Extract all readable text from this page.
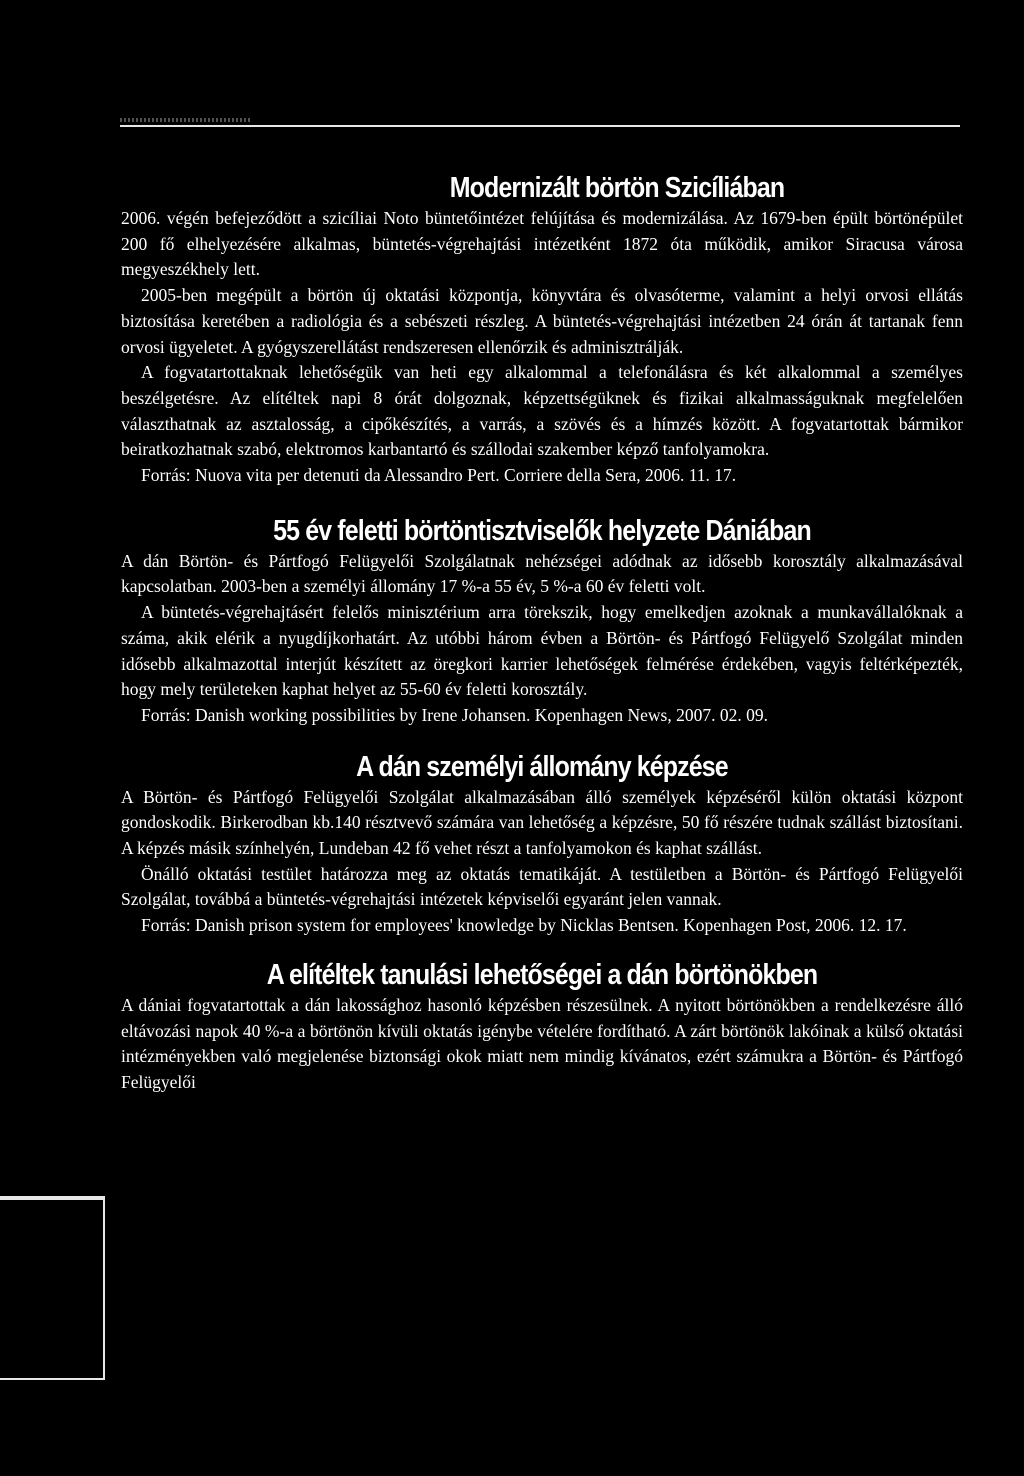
Modernizált börtön Szicíliában

2006. végén befejeződött a szicíliai Noto büntetőintézet felújítása és modernizálása. Az 1679-ben épült börtönépület 200 fő elhelyezésére alkalmas, büntetés-végrehajtási intézetként 1872 óta működik, amikor Siracusa városa megyeszékhely lett.

2005-ben megépült a börtön új oktatási központja, könyvtára és olvasóterme, valamint a helyi orvosi ellátás biztosítása keretében a radiológia és a sebészeti részleg. A büntetés-végrehajtási intézetben 24 órán át tartanak fenn orvosi ügyeletet. A gyógyszerellátást rendszeresen ellenőrzik és adminisztrálják.

A fogvatartottaknak lehetőségük van heti egy alkalommal a telefonálásra és két alkalommal a személyes beszélgetésre. Az elítéltek napi 8 órát dolgoznak, képzettségüknek és fizikai alkalmasságuknak megfelelően választhatnak az asztalosság, a cipőkészítés, a varrás, a szövés és a hímzés között. A fogvatartottak bármikor beiratkozhatnak szabó, elektromos karbantartó és szállodai szakember képző tanfolyamokra.

Forrás: Nuova vita per detenuti da Alessandro Pert. Corriere della Sera, 2006. 11. 17.

55 év feletti börtöntisztviselők helyzete Dániában

A dán Börtön- és Pártfogó Felügyelői Szolgálatnak nehézségei adódnak az idősebb korosztály alkalmazásával kapcsolatban. 2003-ben a személyi állomány 17 %-a 55 év, 5 %-a 60 év feletti volt.

A büntetés-végrehajtásért felelős minisztérium arra törekszik, hogy emelkedjen azoknak a munkavállalóknak a száma, akik elérik a nyugdíjkorhatárt. Az utóbbi három évben a Börtön- és Pártfogó Felügyelő Szolgálat minden idősebb alkalmazottal interjút készített az öregkori karrier lehetőségek felmérése érdekében, vagyis feltérképezték, hogy mely területeken kaphat helyet az 55-60 év feletti korosztály.

Forrás: Danish working possibilities by Irene Johansen. Kopenhagen News, 2007. 02. 09.

A dán személyi állomány képzése

A Börtön- és Pártfogó Felügyelői Szolgálat alkalmazásában álló személyek képzéséről külön oktatási központ gondoskodik. Birkerodban kb.140 résztvevő számára van lehetőség a képzésre, 50 fő részére tudnak szállást biztosítani. A képzés másik színhelyén, Lundeban 42 fő vehet részt a tanfolyamokon és kaphat szállást.

Önálló oktatási testület határozza meg az oktatás tematikáját. A testületben a Börtön- és Pártfogó Felügyelői Szolgálat, továbbá a büntetés-végrehajtási intézetek képviselői egyaránt jelen vannak.

Forrás: Danish prison system for employees' knowledge by Nicklas Bentsen. Kopenhagen Post, 2006. 12. 17.

A elítéltek tanulási lehetőségei a dán börtönökben

A dániai fogvatartottak a dán lakossághoz hasonló képzésben részesülnek. A nyitott börtönökben a rendelkezésre álló eltávozási napok 40 %-a a börtönön kívüli oktatás igénybe vételére fordítható. A zárt börtönök lakóinak a külső oktatási intézményekben való megjelenése biztonsági okok miatt nem mindig kívánatos, ezért számukra a Börtön- és Pártfogó Felügyelői
